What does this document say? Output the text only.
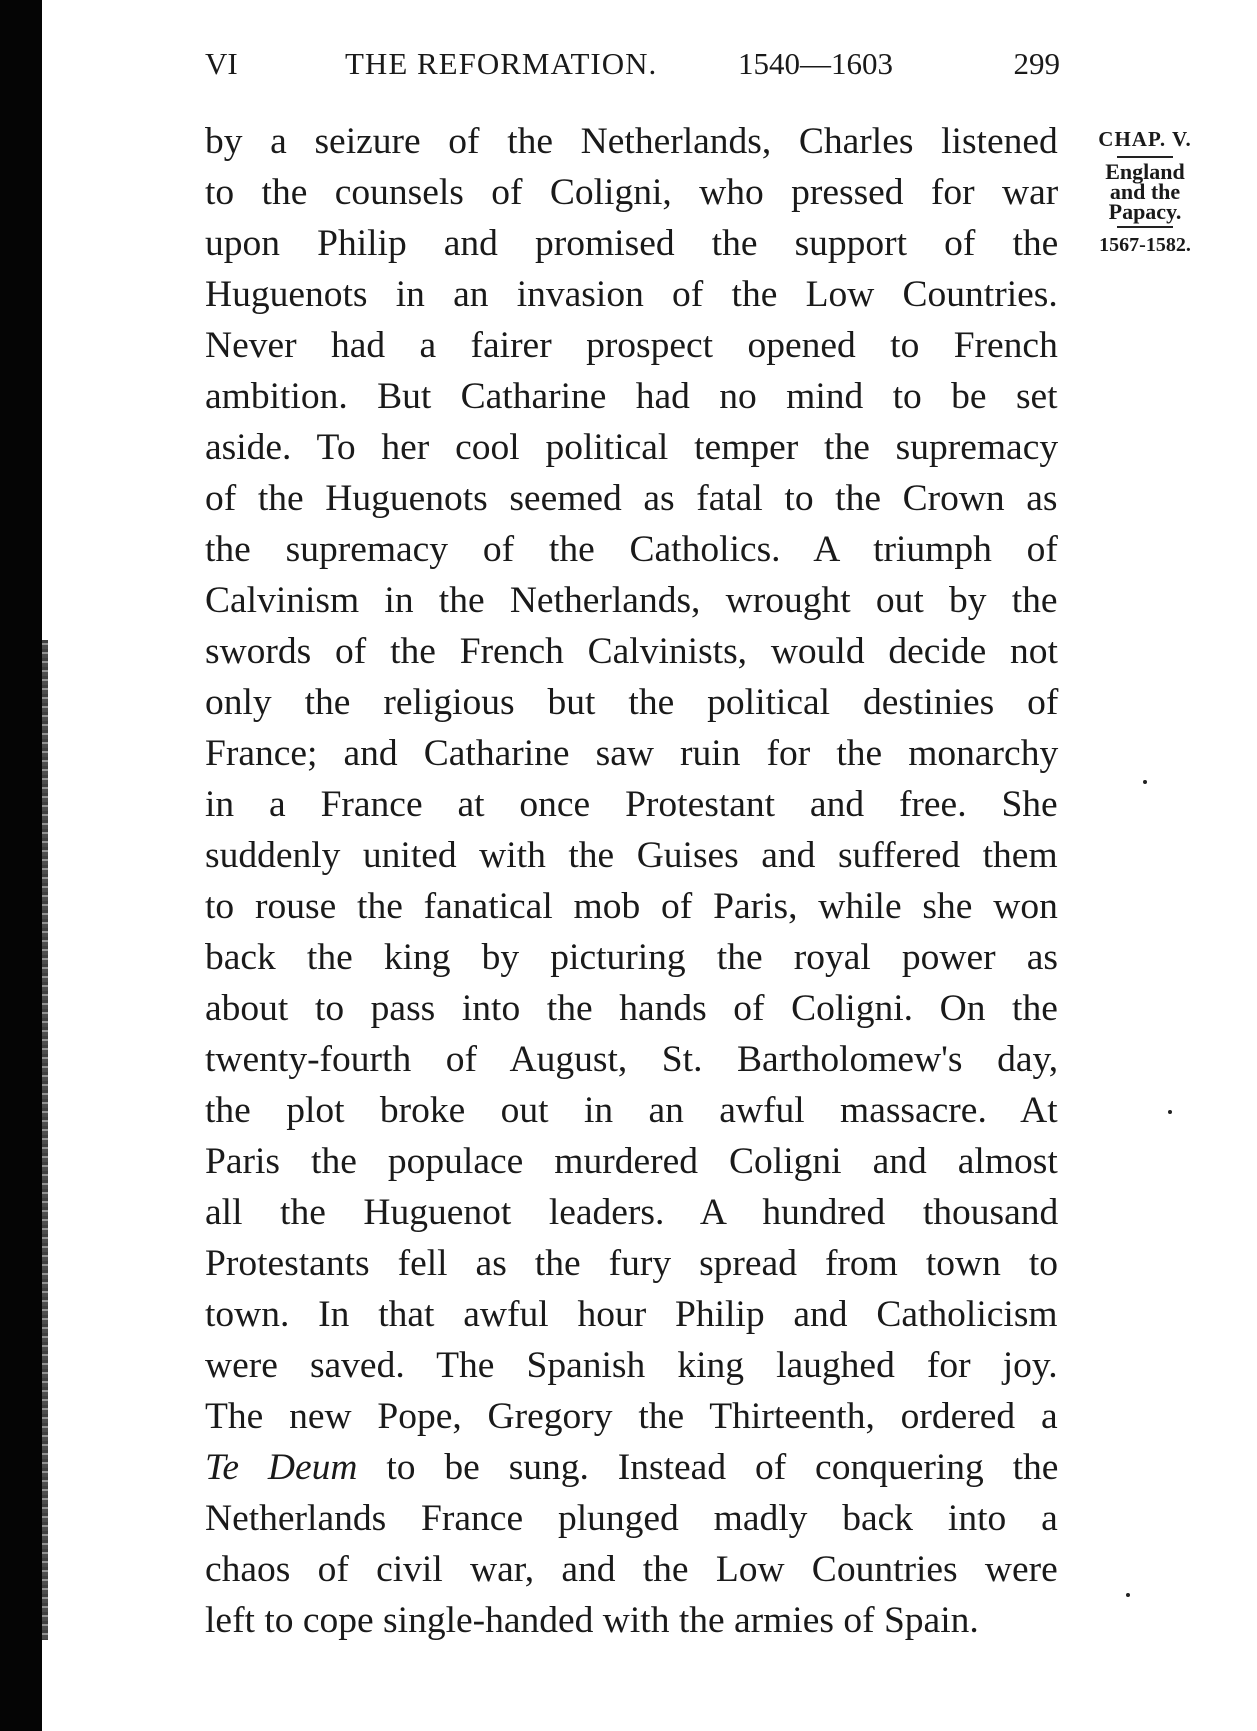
VI	THE REFORMATION.	1540—1603	299
CHAP. V.
England
and the
Papacy.
1567-1582.
by a seizure of the Netherlands, Charles listened
to the counsels of Coligni, who pressed for war
upon Philip and promised the support of the
Huguenots in an invasion of the Low Countries.
Never had a fairer prospect opened to French
ambition. But Catharine had no mind to be set
aside. To her cool political temper the supremacy
of the Huguenots seemed as fatal to the Crown as
the supremacy of the Catholics. A triumph of
Calvinism in the Netherlands, wrought out by the
swords of the French Calvinists, would decide not
only the religious but the political destinies of
France; and Catharine saw ruin for the monarchy
in a France at once Protestant and free. She
suddenly united with the Guises and suffered them
to rouse the fanatical mob of Paris, while she won
back the king by picturing the royal power as
about to pass into the hands of Coligni. On the
twenty-fourth of August, St. Bartholomew's day,
the plot broke out in an awful massacre. At
Paris the populace murdered Coligni and almost
all the Huguenot leaders. A hundred thousand
Protestants fell as the fury spread from town to
town. In that awful hour Philip and Catholicism
were saved. The Spanish king laughed for joy.
The new Pope, Gregory the Thirteenth, ordered a
Te Deum to be sung. Instead of conquering the
Netherlands France plunged madly back into a
chaos of civil war, and the Low Countries were
left to cope single-handed with the armies of Spain.
